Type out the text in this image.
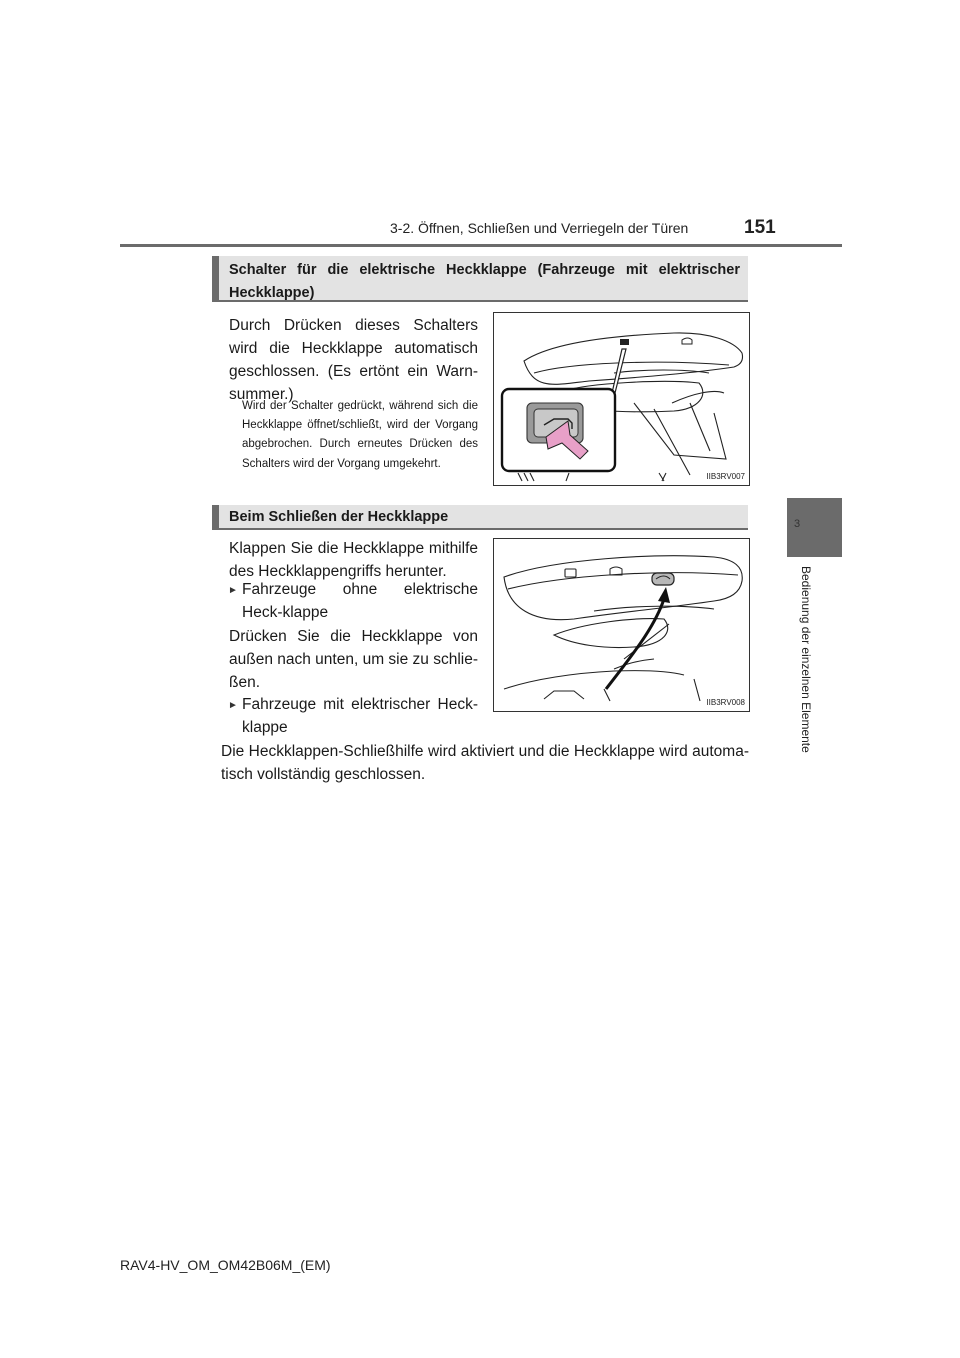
3-2. Öffnen, Schließen und Verriegeln der Türen	151
3
Bedienung der einzelnen Elemente
Schalter für die elektrische Heckklappe (Fahrzeuge mit elektrischer Heckklappe)
Durch Drücken dieses Schalters wird die Heckklappe automatisch geschlossen. (Es ertönt ein Warn-summer.)
Wird der Schalter gedrückt, während sich die Heckklappe öffnet/schließt, wird der Vorgang abgebrochen. Durch erneutes Drücken des Schalters wird der Vorgang umgekehrt.
IIB3RV007
Beim Schließen der Heckklappe
Klappen Sie die Heckklappe mithilfe des Heckklappengriffs herunter.
► Fahrzeuge ohne elektrische Heck-klappe
Drücken Sie die Heckklappe von außen nach unten, um sie zu schlie-ßen.
► Fahrzeuge mit elektrischer Heck-klappe
Die Heckklappen-Schließhilfe wird aktiviert und die Heckklappe wird automa-tisch vollständig geschlossen.
IIB3RV008
RAV4-HV_OM_OM42B06M_(EM)
